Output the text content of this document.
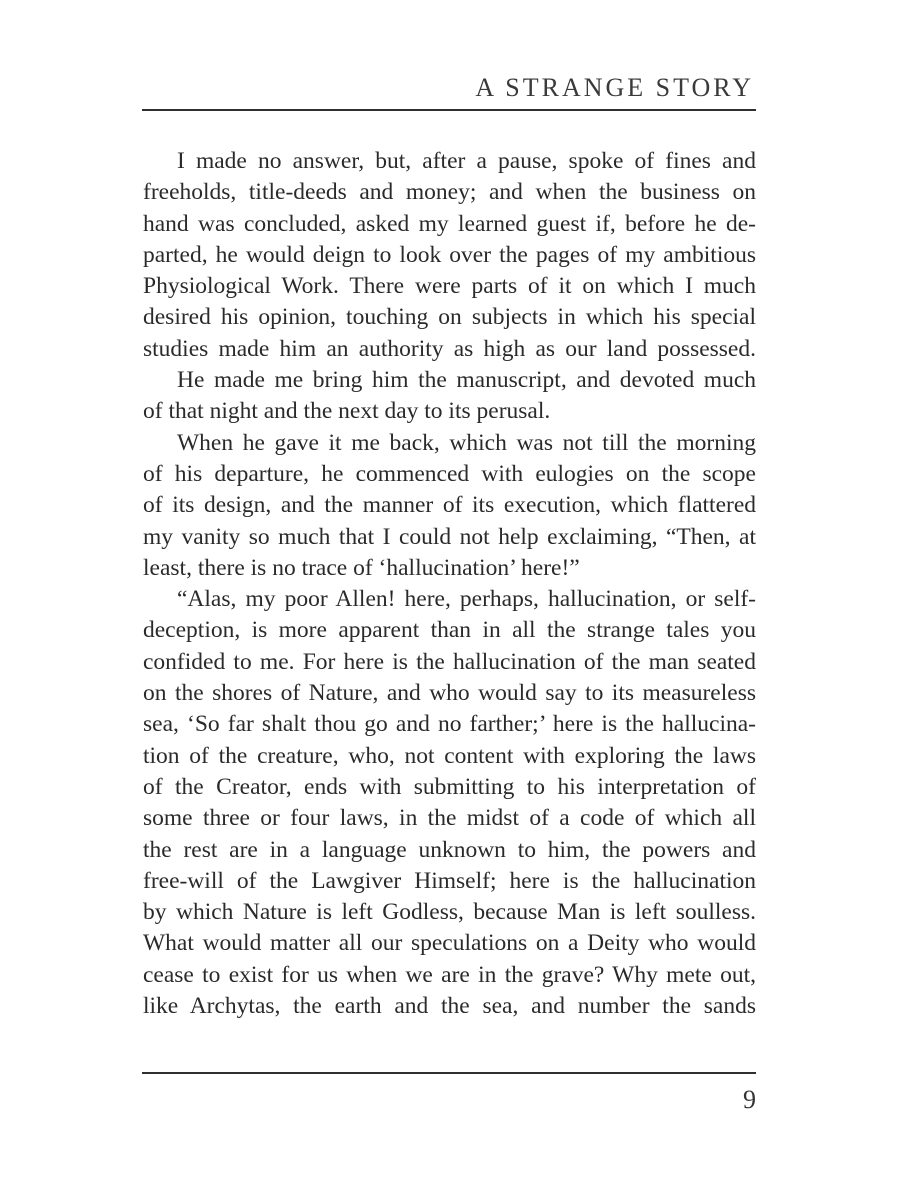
A STRANGE STORY
I made no answer, but, after a pause, spoke of fines and
freeholds, title-deeds and money; and when the business on
hand was concluded, asked my learned guest if, before he de-
parted, he would deign to look over the pages of my ambitious
Physiological Work. There were parts of it on which I much
desired his opinion, touching on subjects in which his special
studies made him an authority as high as our land possessed.
He made me bring him the manuscript, and devoted much
of that night and the next day to its perusal.
When he gave it me back, which was not till the morning
of his departure, he commenced with eulogies on the scope
of its design, and the manner of its execution, which flattered
my vanity so much that I could not help exclaiming, “Then, at
least, there is no trace of ‘hallucination’ here!”
“Alas, my poor Allen! here, perhaps, hallucination, or self-
deception, is more apparent than in all the strange tales you
confided to me. For here is the hallucination of the man seated
on the shores of Nature, and who would say to its measureless
sea, ‘So far shalt thou go and no farther;’ here is the hallucina-
tion of the creature, who, not content with exploring the laws
of the Creator, ends with submitting to his interpretation of
some three or four laws, in the midst of a code of which all
the rest are in a language unknown to him, the powers and
free-will of the Lawgiver Himself; here is the hallucination
by which Nature is left Godless, because Man is left soulless.
What would matter all our speculations on a Deity who would
cease to exist for us when we are in the grave? Why mete out,
like Archytas, the earth and the sea, and number the sands
9
